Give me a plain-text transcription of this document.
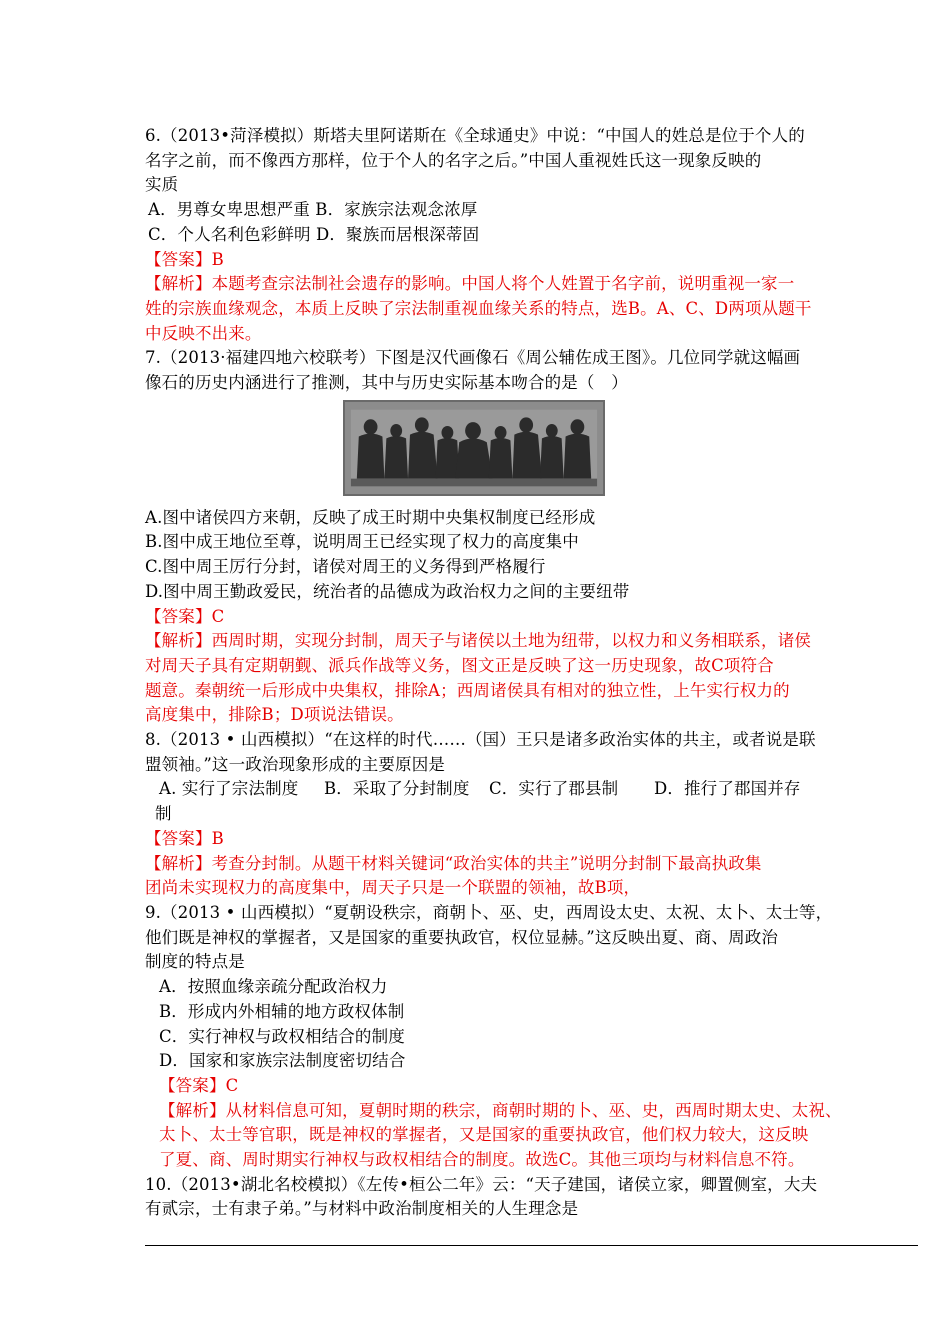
6.（2013•菏泽模拟）斯塔夫里阿诺斯在《全球通史》中说：“中国人的姓总是位于个人的
名字之前，而不像西方那样，位于个人的名字之后。”中国人重视姓氏这一现象反映的
实质
A．男尊女卑思想严重 B．家族宗法观念浓厚
C．个人名利色彩鲜明 D．聚族而居根深蒂固
【答案】B
【解析】本题考查宗法制社会遗存的影响。中国人将个人姓置于名字前，说明重视一家一
姓的宗族血缘观念，本质上反映了宗法制重视血缘关系的特点，选B。A、C、D两项从题干
中反映不出来。
7.（2013·福建四地六校联考）下图是汉代画像石《周公辅佐成王图》。几位同学就这幅画
像石的历史内涵进行了推测，其中与历史实际基本吻合的是（　）
A.图中诸侯四方来朝，反映了成王时期中央集权制度已经形成
B.图中成王地位至尊，说明周王已经实现了权力的高度集中
C.图中周王厉行分封，诸侯对周王的义务得到严格履行
D.图中周王勤政爱民，统治者的品德成为政治权力之间的主要纽带
【答案】C
【解析】西周时期，实现分封制，周天子与诸侯以土地为纽带，以权力和义务相联系，诸侯
对周天子具有定期朝觐、派兵作战等义务，图文正是反映了这一历史现象，故C项符合
题意。秦朝统一后形成中央集权，排除A；西周诸侯具有相对的独立性，上午实行权力的
高度集中，排除B；D项说法错误。
8.（2013 • 山西模拟）“在这样的时代……（国）王只是诸多政治实体的共主，或者说是联
盟领袖。”这一政治现象形成的主要原因是
A. 实行了宗法制度 B．采取了分封制度 C．实行了郡县制 D．推行了郡国并存
制
【答案】B
【解析】考查分封制。从题干材料关键词“政治实体的共主”说明分封制下最高执政集
团尚未实现权力的高度集中，周天子只是一个联盟的领袖，故B项，
9.（2013 • 山西模拟）“夏朝设秩宗，商朝卜、巫、史，西周设太史、太祝、太卜、太士等，
他们既是神权的掌握者，又是国家的重要执政官，权位显赫。”这反映出夏、商、周政治
制度的特点是
A．按照血缘亲疏分配政治权力
B．形成内外相辅的地方政权体制
C．实行神权与政权相结合的制度
D．国家和家族宗法制度密切结合
【答案】C
【解析】从材料信息可知，夏朝时期的秩宗，商朝时期的卜、巫、史，西周时期太史、太祝、
太卜、太士等官职，既是神权的掌握者，又是国家的重要执政官，他们权力较大，这反映
了夏、商、周时期实行神权与政权相结合的制度。故选C。其他三项均与材料信息不符。
10.（2013•湖北名校模拟）《左传•桓公二年》云：“天子建国，诸侯立家，卿置侧室，大夫
有贰宗，士有隶子弟。”与材料中政治制度相关的人生理念是
